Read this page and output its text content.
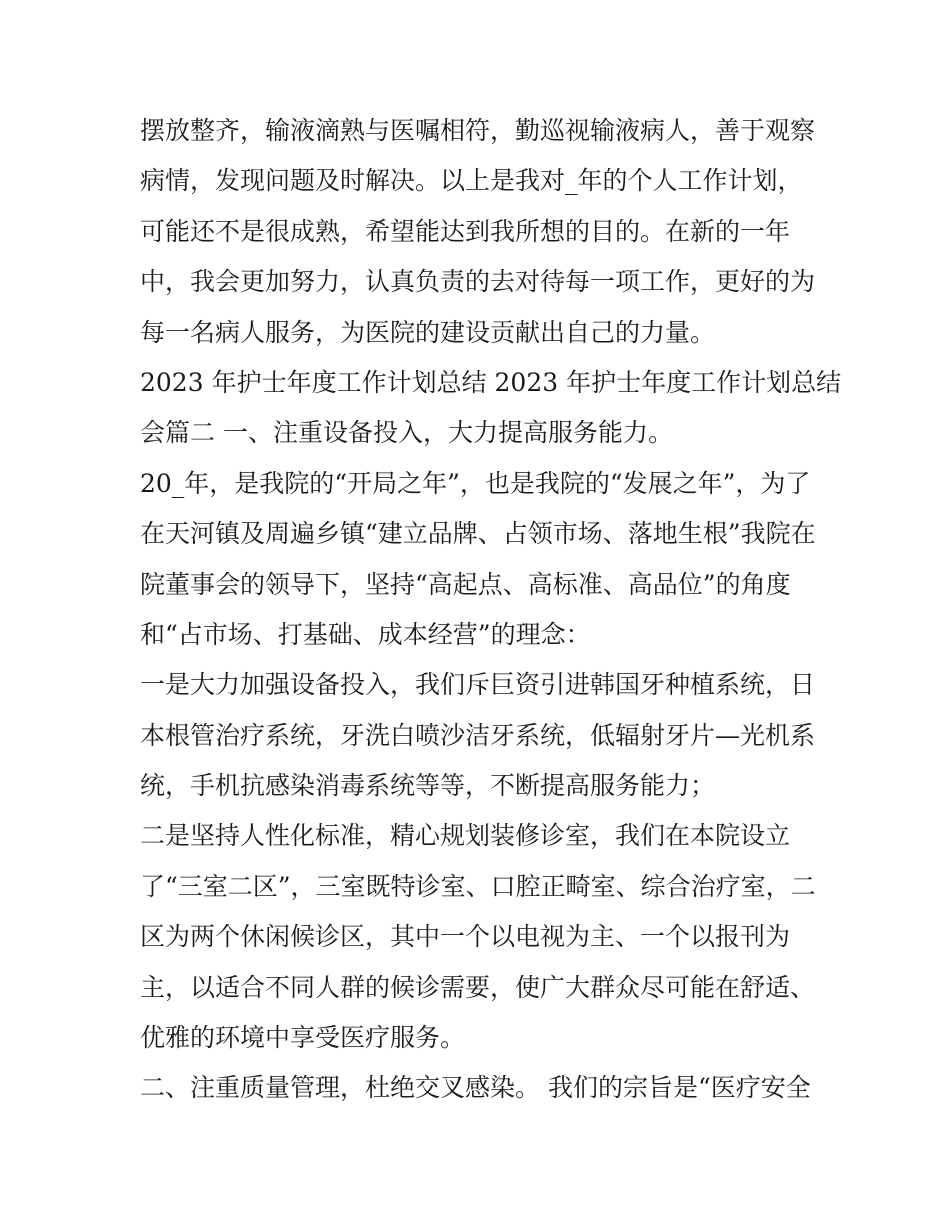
摆放整齐，输液滴熟与医嘱相符，勤巡视输液病人，善于观察
病情，发现问题及时解决。以上是我对_年的个人工作计划，
可能还不是很成熟，希望能达到我所想的目的。在新的一年
中，我会更加努力，认真负责的去对待每一项工作，更好的为
每一名病人服务，为医院的建设贡献出自己的力量。
2023 年护士年度工作计划总结 2023 年护士年度工作计划总结
会篇二 一、注重设备投入，大力提高服务能力。
20_年，是我院的“开局之年”，也是我院的“发展之年”，为了
在天河镇及周遍乡镇“建立品牌、占领市场、落地生根”我院在
院董事会的领导下，坚持“高起点、高标准、高品位”的角度
和“占市场、打基础、成本经营”的理念：
一是大力加强设备投入，我们斥巨资引进韩国牙种植系统，日
本根管治疗系统，牙洗白喷沙洁牙系统，低辐射牙片—光机系
统，手机抗感染消毒系统等等，不断提高服务能力；
二是坚持人性化标准，精心规划装修诊室，我们在本院设立
了“三室二区”，三室既特诊室、口腔正畸室、综合治疗室，二
区为两个休闲候诊区，其中一个以电视为主、一个以报刊为
主，以适合不同人群的候诊需要，使广大群众尽可能在舒适、
优雅的环境中享受医疗服务。
二、注重质量管理，杜绝交叉感染。 我们的宗旨是“医疗安全
